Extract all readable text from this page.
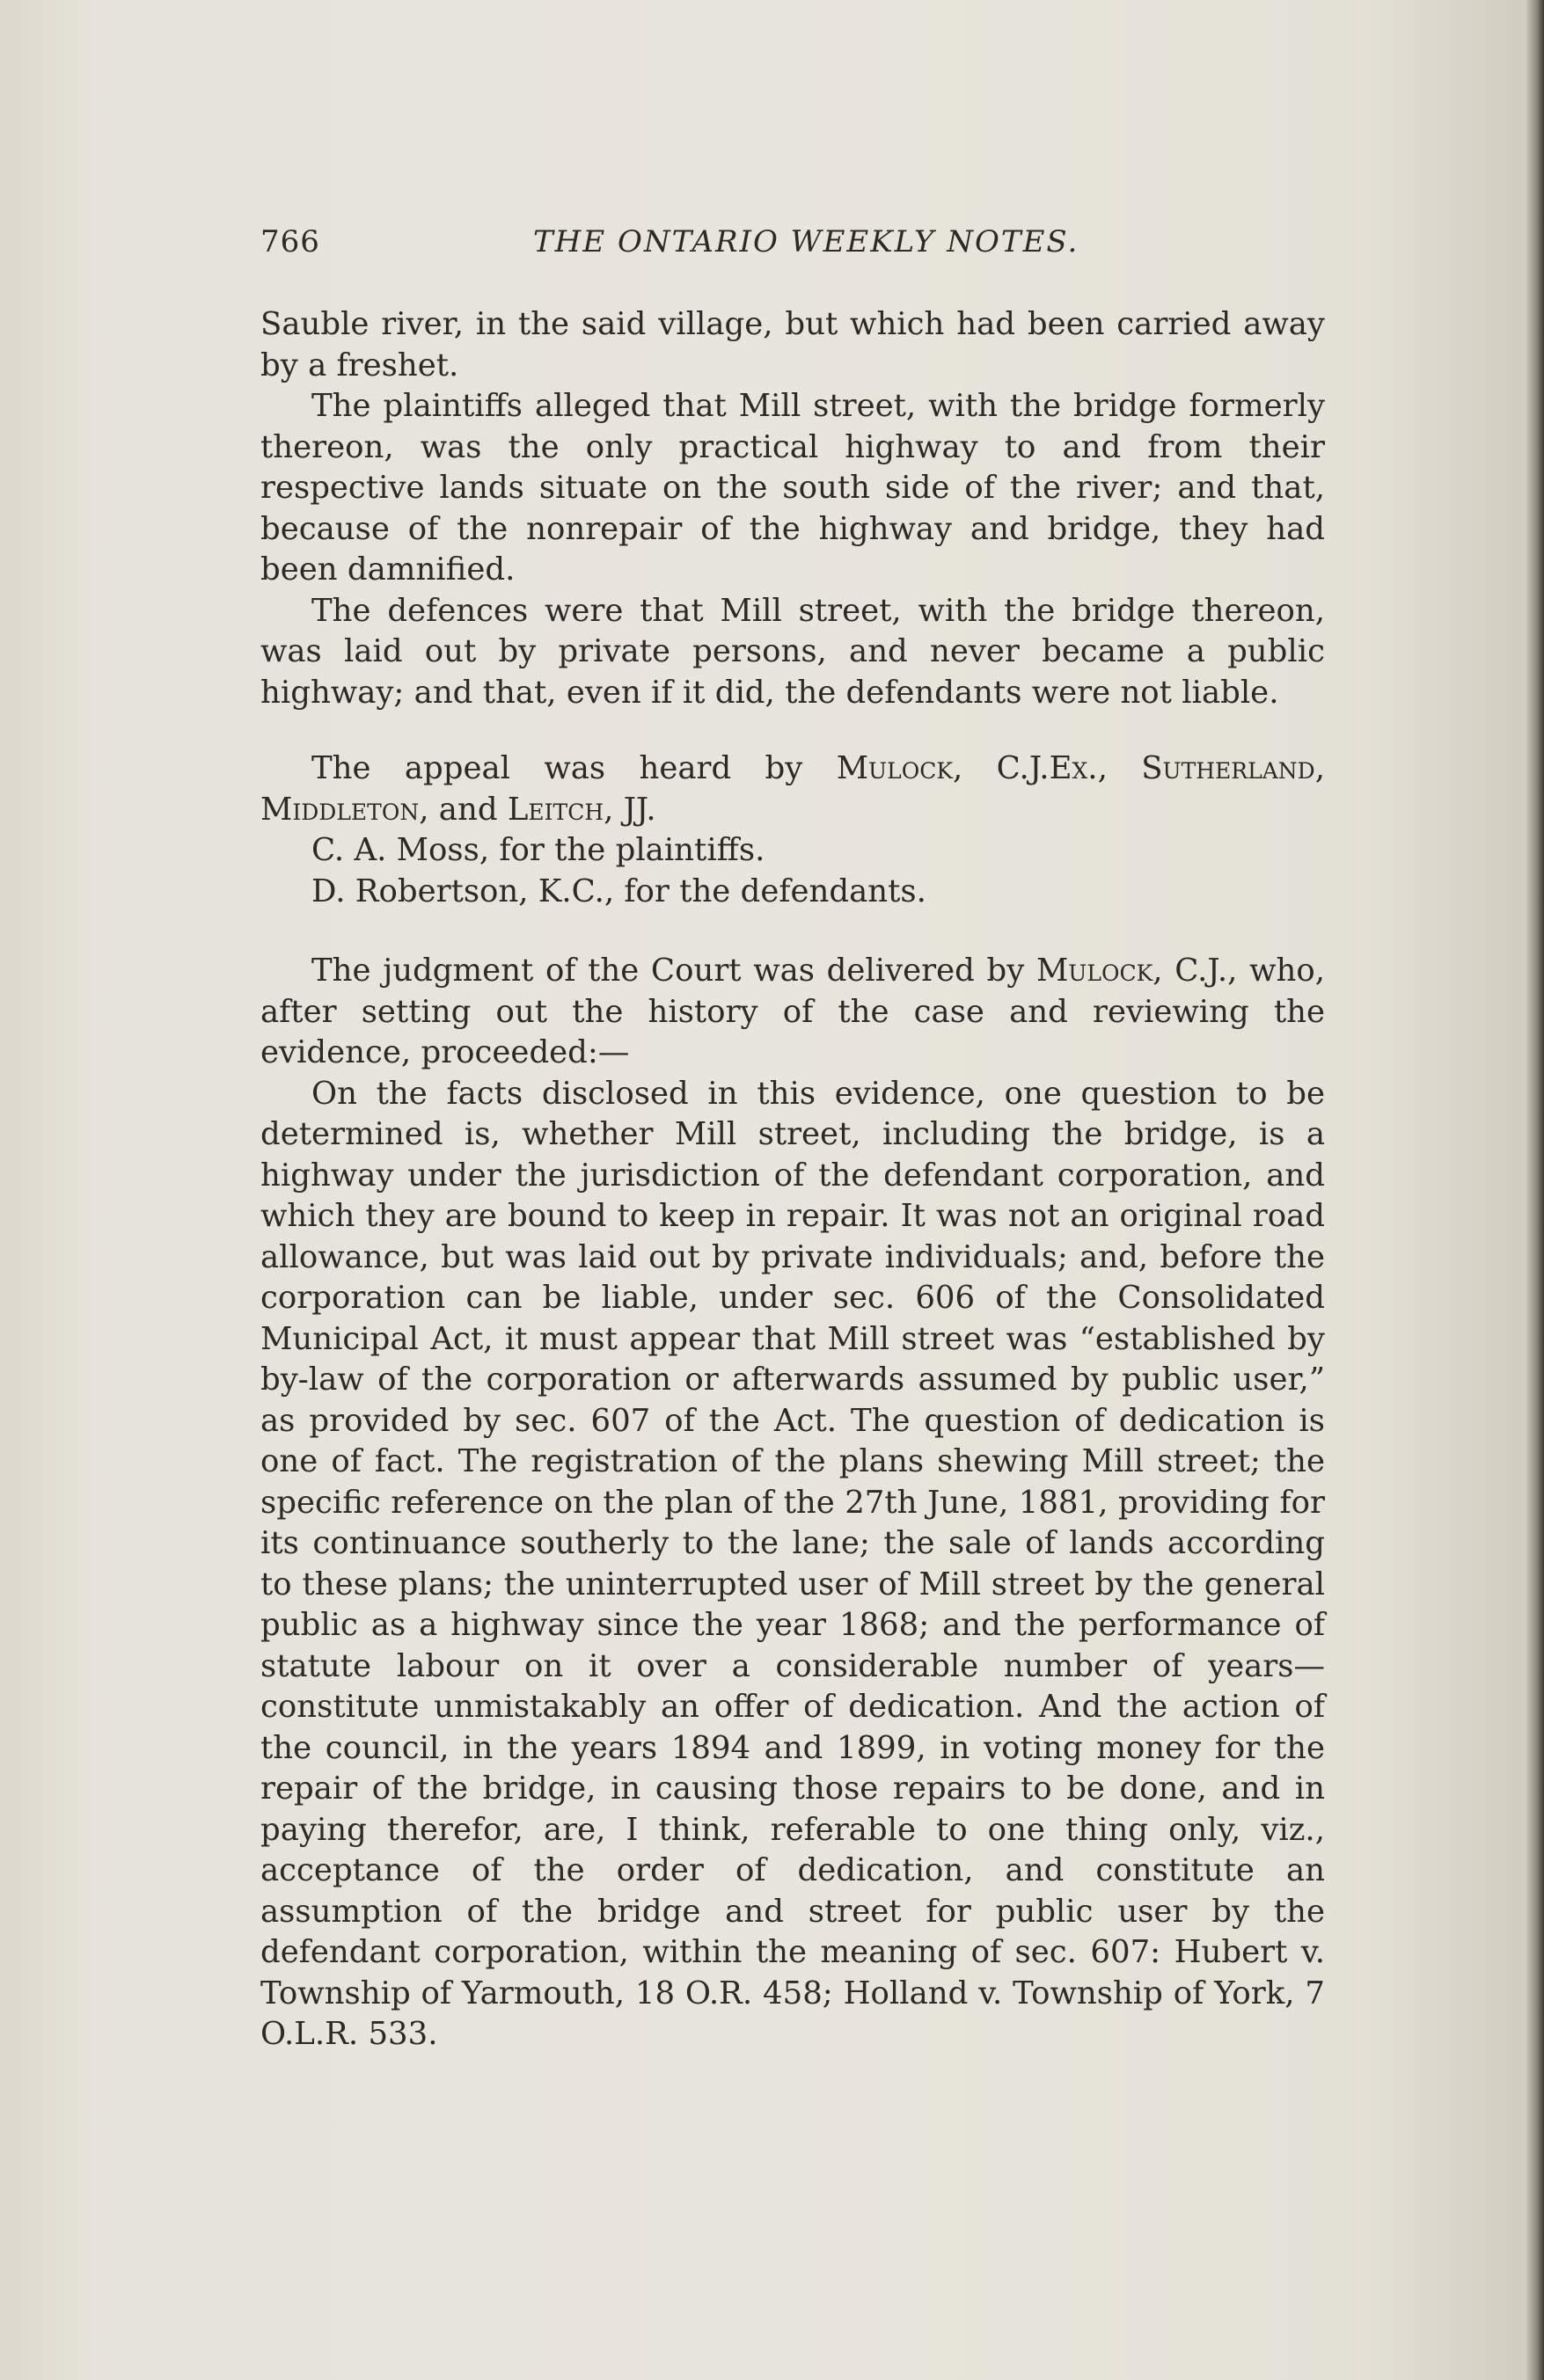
766	THE ONTARIO WEEKLY NOTES.

Sauble river, in the said village, but which had been carried away by a freshet.

The plaintiffs alleged that Mill street, with the bridge formerly thereon, was the only practical highway to and from their respective lands situate on the south side of the river; and that, because of the nonrepair of the highway and bridge, they had been damnified.

The defences were that Mill street, with the bridge thereon, was laid out by private persons, and never became a public highway; and that, even if it did, the defendants were not liable.

The appeal was heard by Mulock, C.J.Ex., Sutherland, Middleton, and Leitch, JJ.

C. A. Moss, for the plaintiffs.

D. Robertson, K.C., for the defendants.

The judgment of the Court was delivered by Mulock, C.J., who, after setting out the history of the case and reviewing the evidence, proceeded:—

On the facts disclosed in this evidence, one question to be determined is, whether Mill street, including the bridge, is a highway under the jurisdiction of the defendant corporation, and which they are bound to keep in repair. It was not an original road allowance, but was laid out by private individuals; and, before the corporation can be liable, under sec. 606 of the Consolidated Municipal Act, it must appear that Mill street was “established by by-law of the corporation or afterwards assumed by public user,” as provided by sec. 607 of the Act. The question of dedication is one of fact. The registration of the plans shewing Mill street; the specific reference on the plan of the 27th June, 1881, providing for its continuance southerly to the lane; the sale of lands according to these plans; the uninterrupted user of Mill street by the general public as a highway since the year 1868; and the performance of statute labour on it over a considerable number of years—constitute unmistakably an offer of dedication. And the action of the council, in the years 1894 and 1899, in voting money for the repair of the bridge, in causing those repairs to be done, and in paying therefor, are, I think, referable to one thing only, viz., acceptance of the order of dedication, and constitute an assumption of the bridge and street for public user by the defendant corporation, within the meaning of sec. 607: Hubert v. Township of Yarmouth, 18 O.R. 458; Holland v. Township of York, 7 O.L.R. 533.
